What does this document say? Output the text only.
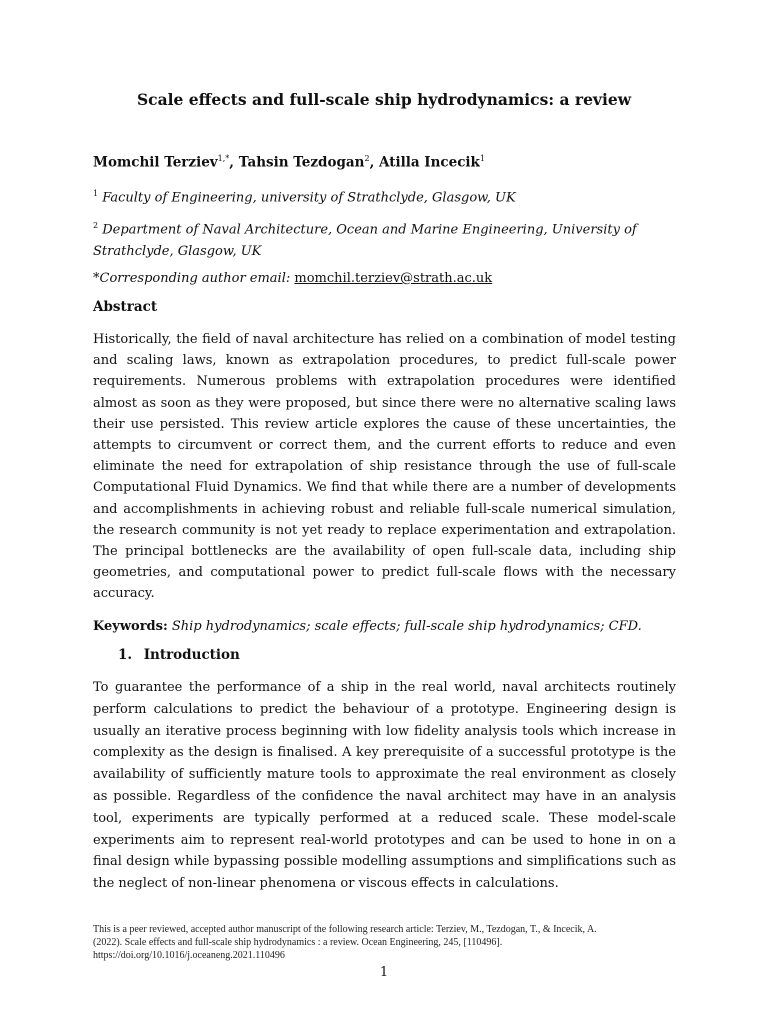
Scale effects and full-scale ship hydrodynamics: a review
Momchil Terziev$^{1,*}$, Tahsin Tezdogan$^2$, Atilla Incecik$^1$
$^1$ Faculty of Engineering, university of Strathclyde, Glasgow, UK
$^2$ Department of Naval Architecture, Ocean and Marine Engineering, University of Strathclyde, Glasgow, UK
*Corresponding author email: momchil.terziev@strath.ac.uk
Abstract
Historically, the field of naval architecture has relied on a combination of model testing and scaling laws, known as extrapolation procedures, to predict full-scale power requirements. Numerous problems with extrapolation procedures were identified almost as soon as they were proposed, but since there were no alternative scaling laws their use persisted. This review article explores the cause of these uncertainties, the attempts to circumvent or correct them, and the current efforts to reduce and even eliminate the need for extrapolation of ship resistance through the use of full-scale Computational Fluid Dynamics. We find that while there are a number of developments and accomplishments in achieving robust and reliable full-scale numerical simulation, the research community is not yet ready to replace experimentation and extrapolation. The principal bottlenecks are the availability of open full-scale data, including ship geometries, and computational power to predict full-scale flows with the necessary accuracy.
Keywords: Ship hydrodynamics; scale effects; full-scale ship hydrodynamics; CFD.
1. Introduction
To guarantee the performance of a ship in the real world, naval architects routinely perform calculations to predict the behaviour of a prototype. Engineering design is usually an iterative process beginning with low fidelity analysis tools which increase in complexity as the design is finalised. A key prerequisite of a successful prototype is the availability of sufficiently mature tools to approximate the real environment as closely as possible. Regardless of the confidence the naval architect may have in an analysis tool, experiments are typically performed at a reduced scale. These model-scale experiments aim to represent real-world prototypes and can be used to hone in on a final design while bypassing possible modelling assumptions and simplifications such as the neglect of non-linear phenomena or viscous effects in calculations.
This is a peer reviewed, accepted author manuscript of the following research article: Terziev, M., Tezdogan, T., & Incecik, A. (2022). Scale effects and full-scale ship hydrodynamics : a review. Ocean Engineering, 245, [110496]. https://doi.org/10.1016/j.oceaneng.2021.110496
1
